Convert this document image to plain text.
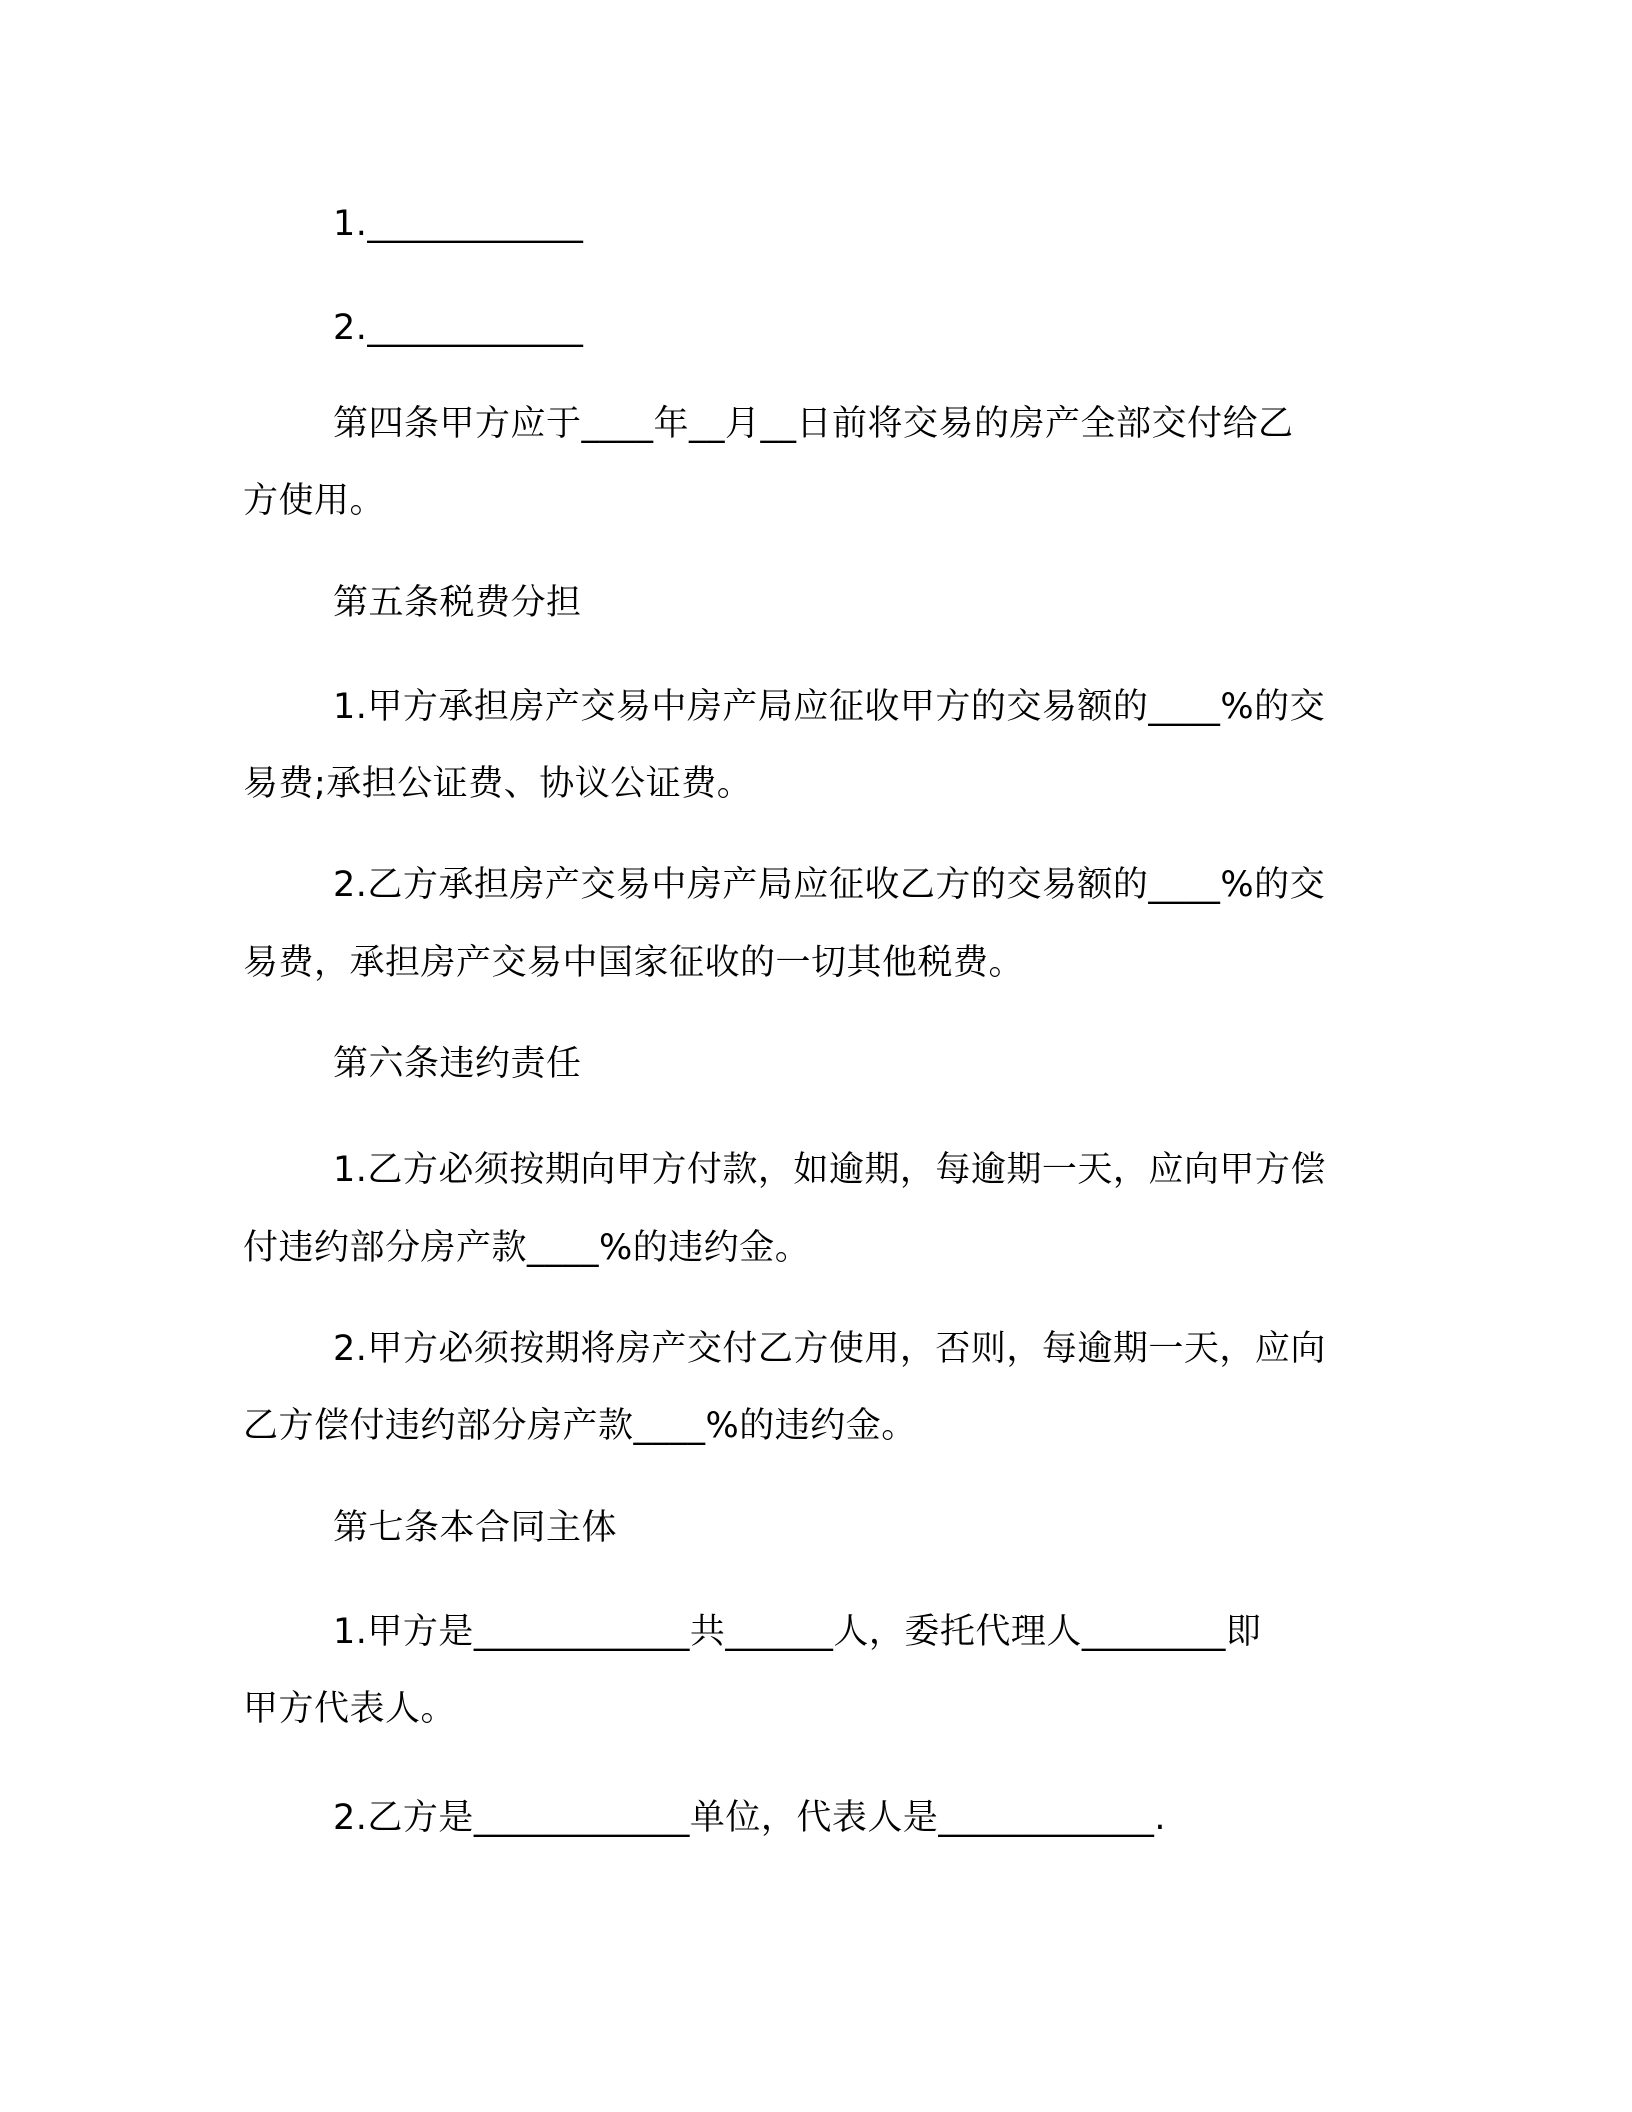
1.____________
2.____________
第四条甲方应于____年__月__日前将交易的房产全部交付给乙
方使用。
第五条税费分担
1.甲方承担房产交易中房产局应征收甲方的交易额的____%的交
易费;承担公证费、协议公证费。
2.乙方承担房产交易中房产局应征收乙方的交易额的____%的交
易费，承担房产交易中国家征收的一切其他税费。
第六条违约责任
1.乙方必须按期向甲方付款，如逾期，每逾期一天，应向甲方偿
付违约部分房产款____%的违约金。
2.甲方必须按期将房产交付乙方使用，否则，每逾期一天，应向
乙方偿付违约部分房产款____%的违约金。
第七条本合同主体
1.甲方是____________共______人，委托代理人________即
甲方代表人。
2.乙方是____________单位，代表人是____________.
